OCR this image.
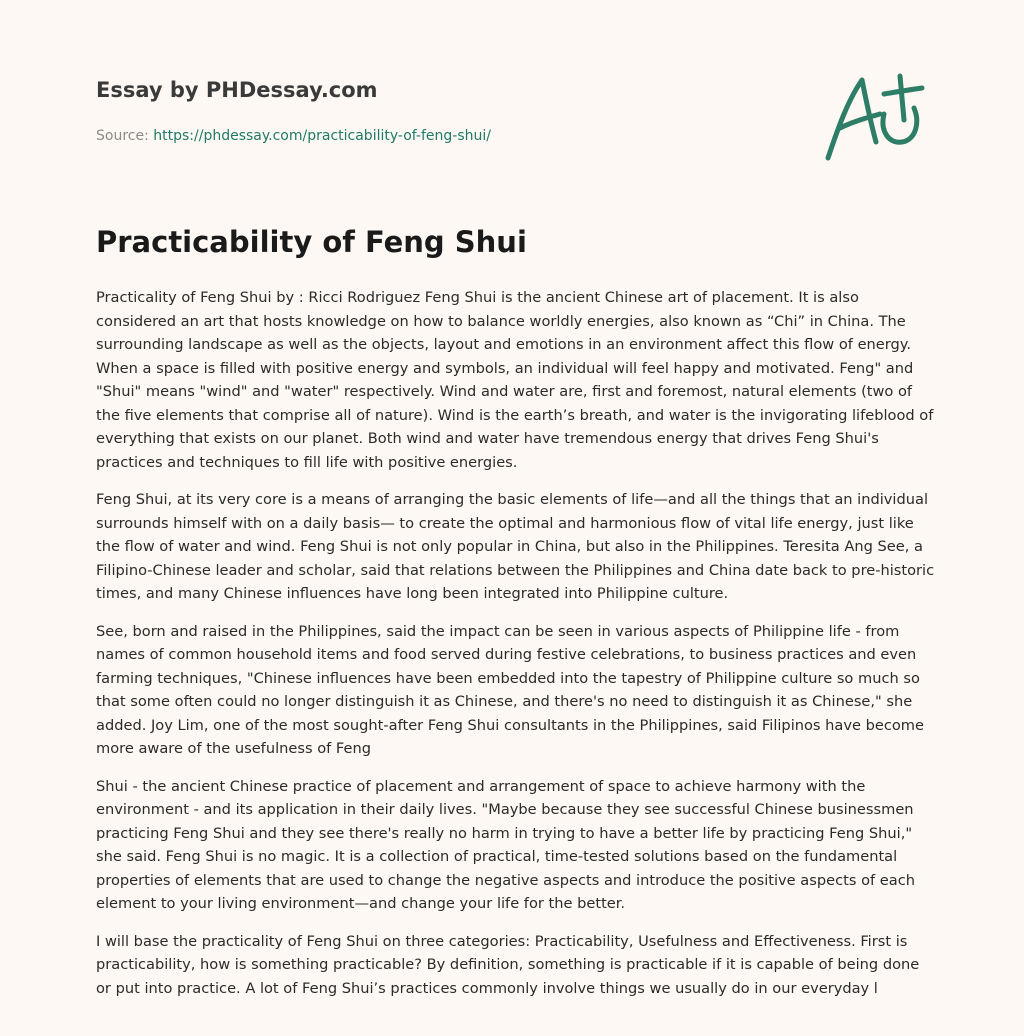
Essay by PHDessay.com

Source: https://phdessay.com/practicability-of-feng-shui/
Practicability of Feng Shui

Practicality of Feng Shui by : Ricci Rodriguez Feng Shui is the ancient Chinese art of placement. It is also considered an art that hosts knowledge on how to balance worldly energies, also known as “Chi” in China. The surrounding landscape as well as the objects, layout and emotions in an environment affect this flow of energy. When a space is filled with positive energy and symbols, an individual will feel happy and motivated. Feng" and "Shui" means "wind" and "water" respectively. Wind and water are, first and foremost, natural elements (two of the five elements that comprise all of nature). Wind is the earth’s breath, and water is the invigorating lifeblood of everything that exists on our planet. Both wind and water have tremendous energy that drives Feng Shui's practices and techniques to fill life with positive energies.

Feng Shui, at its very core is a means of arranging the basic elements of life—and all the things that an individual surrounds himself with on a daily basis— to create the optimal and harmonious flow of vital life energy, just like the flow of water and wind. Feng Shui is not only popular in China, but also in the Philippines. Teresita Ang See, a Filipino-Chinese leader and scholar, said that relations between the Philippines and China date back to pre-historic times, and many Chinese influences have long been integrated into Philippine culture.

See, born and raised in the Philippines, said the impact can be seen in various aspects of Philippine life - from names of common household items and food served during festive celebrations, to business practices and even farming techniques, "Chinese influences have been embedded into the tapestry of Philippine culture so much so that some often could no longer distinguish it as Chinese, and there's no need to distinguish it as Chinese," she added. Joy Lim, one of the most sought-after Feng Shui consultants in the Philippines, said Filipinos have become more aware of the usefulness of Feng

Shui - the ancient Chinese practice of placement and arrangement of space to achieve harmony with the environment - and its application in their daily lives. "Maybe because they see successful Chinese businessmen practicing Feng Shui and they see there's really no harm in trying to have a better life by practicing Feng Shui," she said. Feng Shui is no magic. It is a collection of practical, time-tested solutions based on the fundamental properties of elements that are used to change the negative aspects and introduce the positive aspects of each element to your living environment—and change your life for the better.

I will base the practicality of Feng Shui on three categories: Practicability, Usefulness and Effectiveness. First is practicability, how is something practicable? By definition, something is practicable if it is capable of being done or put into practice. A lot of Feng Shui’s practices commonly involve things we usually do in our everyday l
